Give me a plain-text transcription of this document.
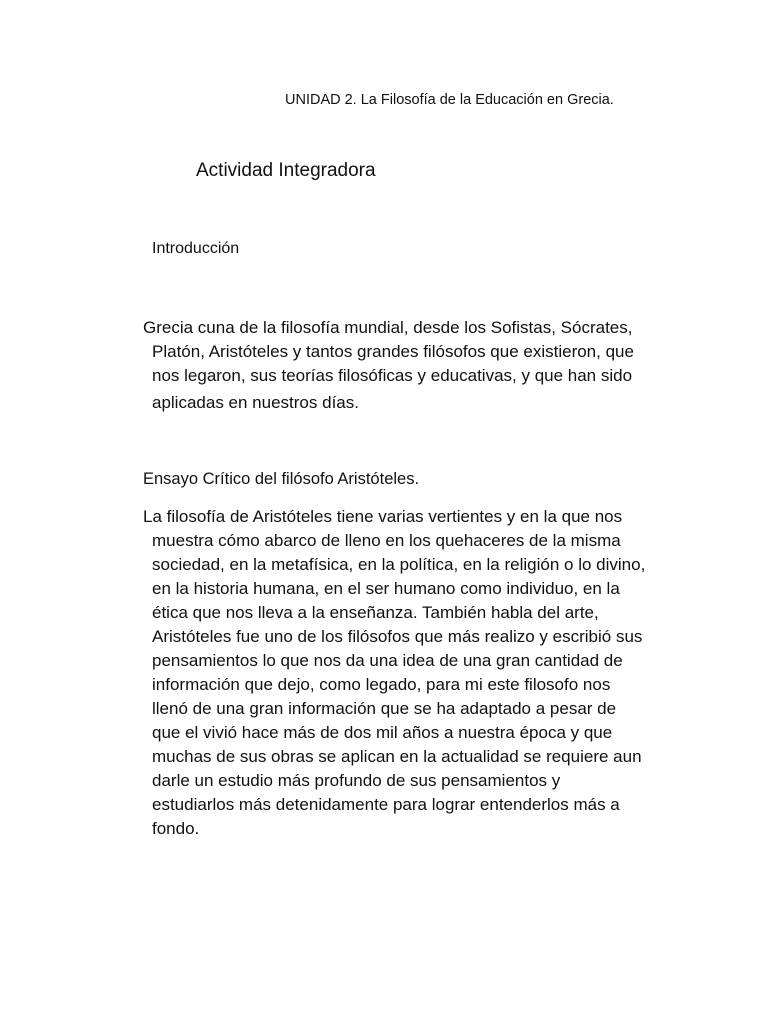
UNIDAD 2. La Filosofía de la Educación en Grecia.
Actividad Integradora
Introducción
Grecia cuna de la filosofía mundial, desde los Sofistas, Sócrates,
Platón, Aristóteles y tantos grandes filósofos que existieron, que
nos legaron, sus teorías filosóficas y educativas, y que han sido
aplicadas en nuestros días.
Ensayo Crítico del filósofo Aristóteles.
La filosofía de Aristóteles tiene varias vertientes y en la que nos
muestra cómo abarco de lleno en los quehaceres de la misma
sociedad, en la metafísica, en la política, en la religión o lo divino,
en la historia humana, en el ser humano como individuo, en la
ética que nos lleva a la enseñanza. También habla del arte,
Aristóteles fue uno de los filósofos que más realizo y escribió sus
pensamientos lo que nos da una idea de una gran cantidad de
información que dejo, como legado, para mi este filosofo nos
llenó de una gran información que se ha adaptado a pesar de
que el vivió hace más de dos mil años a nuestra época y que
muchas de sus obras se aplican en la actualidad se requiere aun
darle un estudio más profundo de sus pensamientos y
estudiarlos más detenidamente para lograr entenderlos más a
fondo.
